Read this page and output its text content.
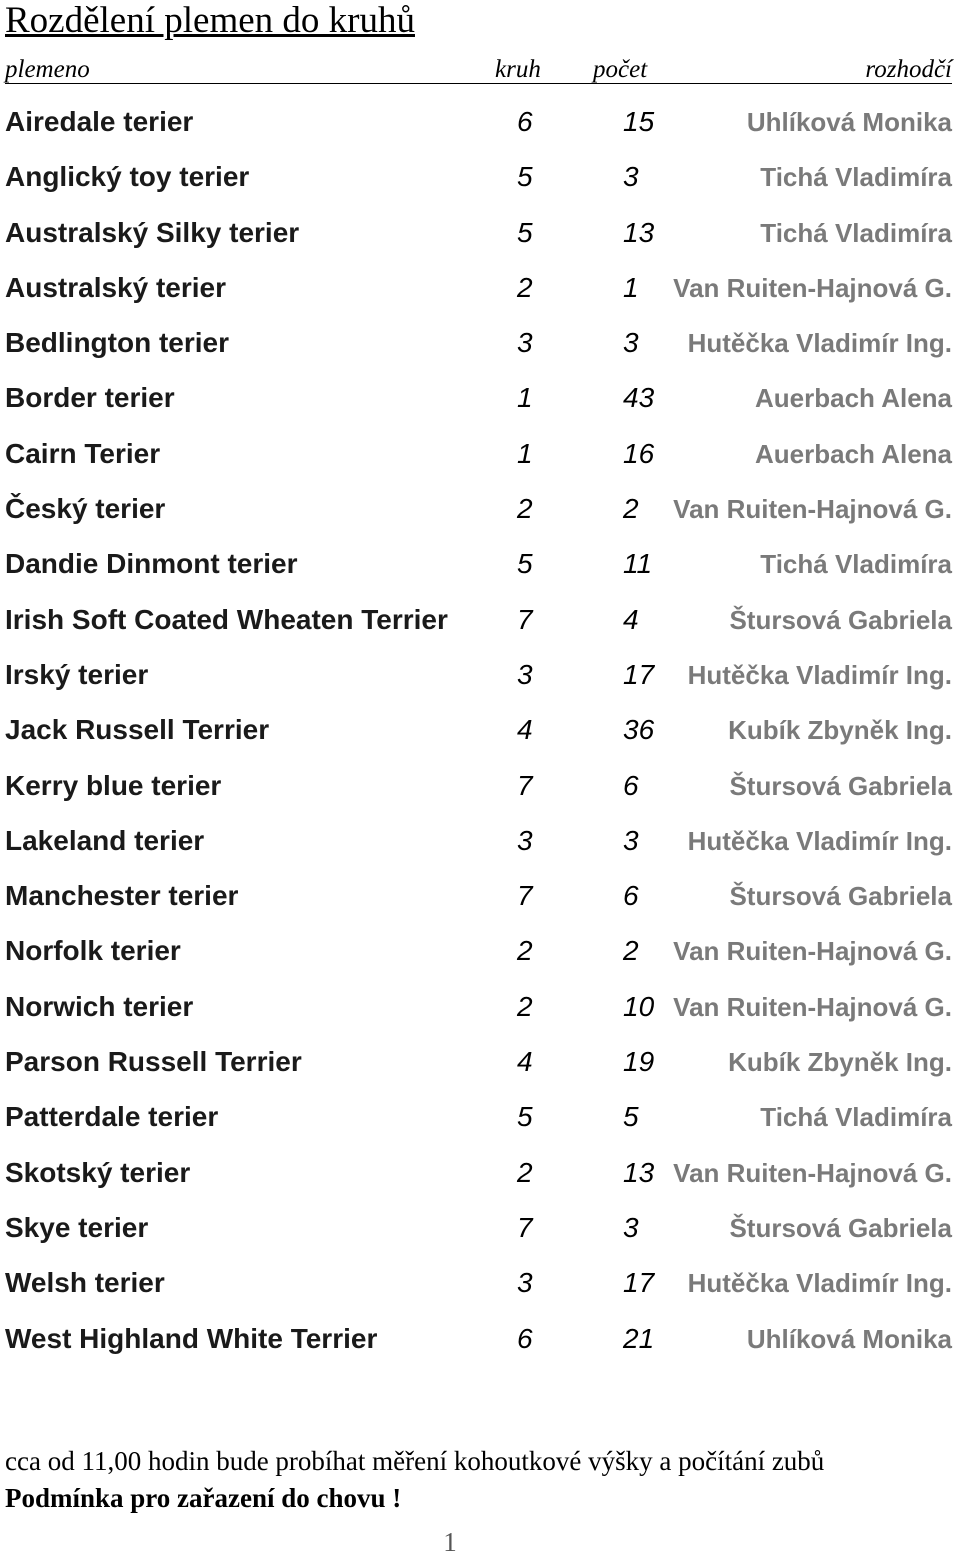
Rozdělení plemen do kruhů
plemeno	kruh počet	rozhodčí
Airedale terier	6	15	Uhlíková Monika
Anglický toy terier	5	3	Tichá Vladimíra
Australský Silky terier	5	13	Tichá Vladimíra
Australský terier	2	1 Van Ruiten-Hajnová G.
Bedlington terier	3	3 Hutěčka Vladimír Ing.
Border terier	1	43	Auerbach Alena
Cairn Terier	1	16	Auerbach Alena
Český terier	2	2 Van Ruiten-Hajnová G.
Dandie Dinmont terier	5	11	Tichá Vladimíra
Irish Soft Coated Wheaten Terrier 7	4	Štursová Gabriela
Irský terier	3	17 Hutěčka Vladimír Ing.
Jack Russell Terrier	4	36	Kubík Zbyněk Ing.
Kerry blue terier	7	6	Štursová Gabriela
Lakeland terier	3	3 Hutěčka Vladimír Ing.
Manchester terier	7	6	Štursová Gabriela
Norfolk terier	2	2 Van Ruiten-Hajnová G.
Norwich terier	2	10 Van Ruiten-Hajnová G.
Parson Russell Terrier	4	19	Kubík Zbyněk Ing.
Patterdale terier	5	5	Tichá Vladimíra
Skotský terier	2	13 Van Ruiten-Hajnová G.
Skye terier	7	3	Štursová Gabriela
Welsh terier	3	17 Hutěčka Vladimír Ing.
West Highland White Terrier	6	21	Uhlíková Monika

cca od 11,00 hodin bude probíhat měření kohoutkové výšky a počítání zubů

Podmínka pro zařazení do chovu !

1
